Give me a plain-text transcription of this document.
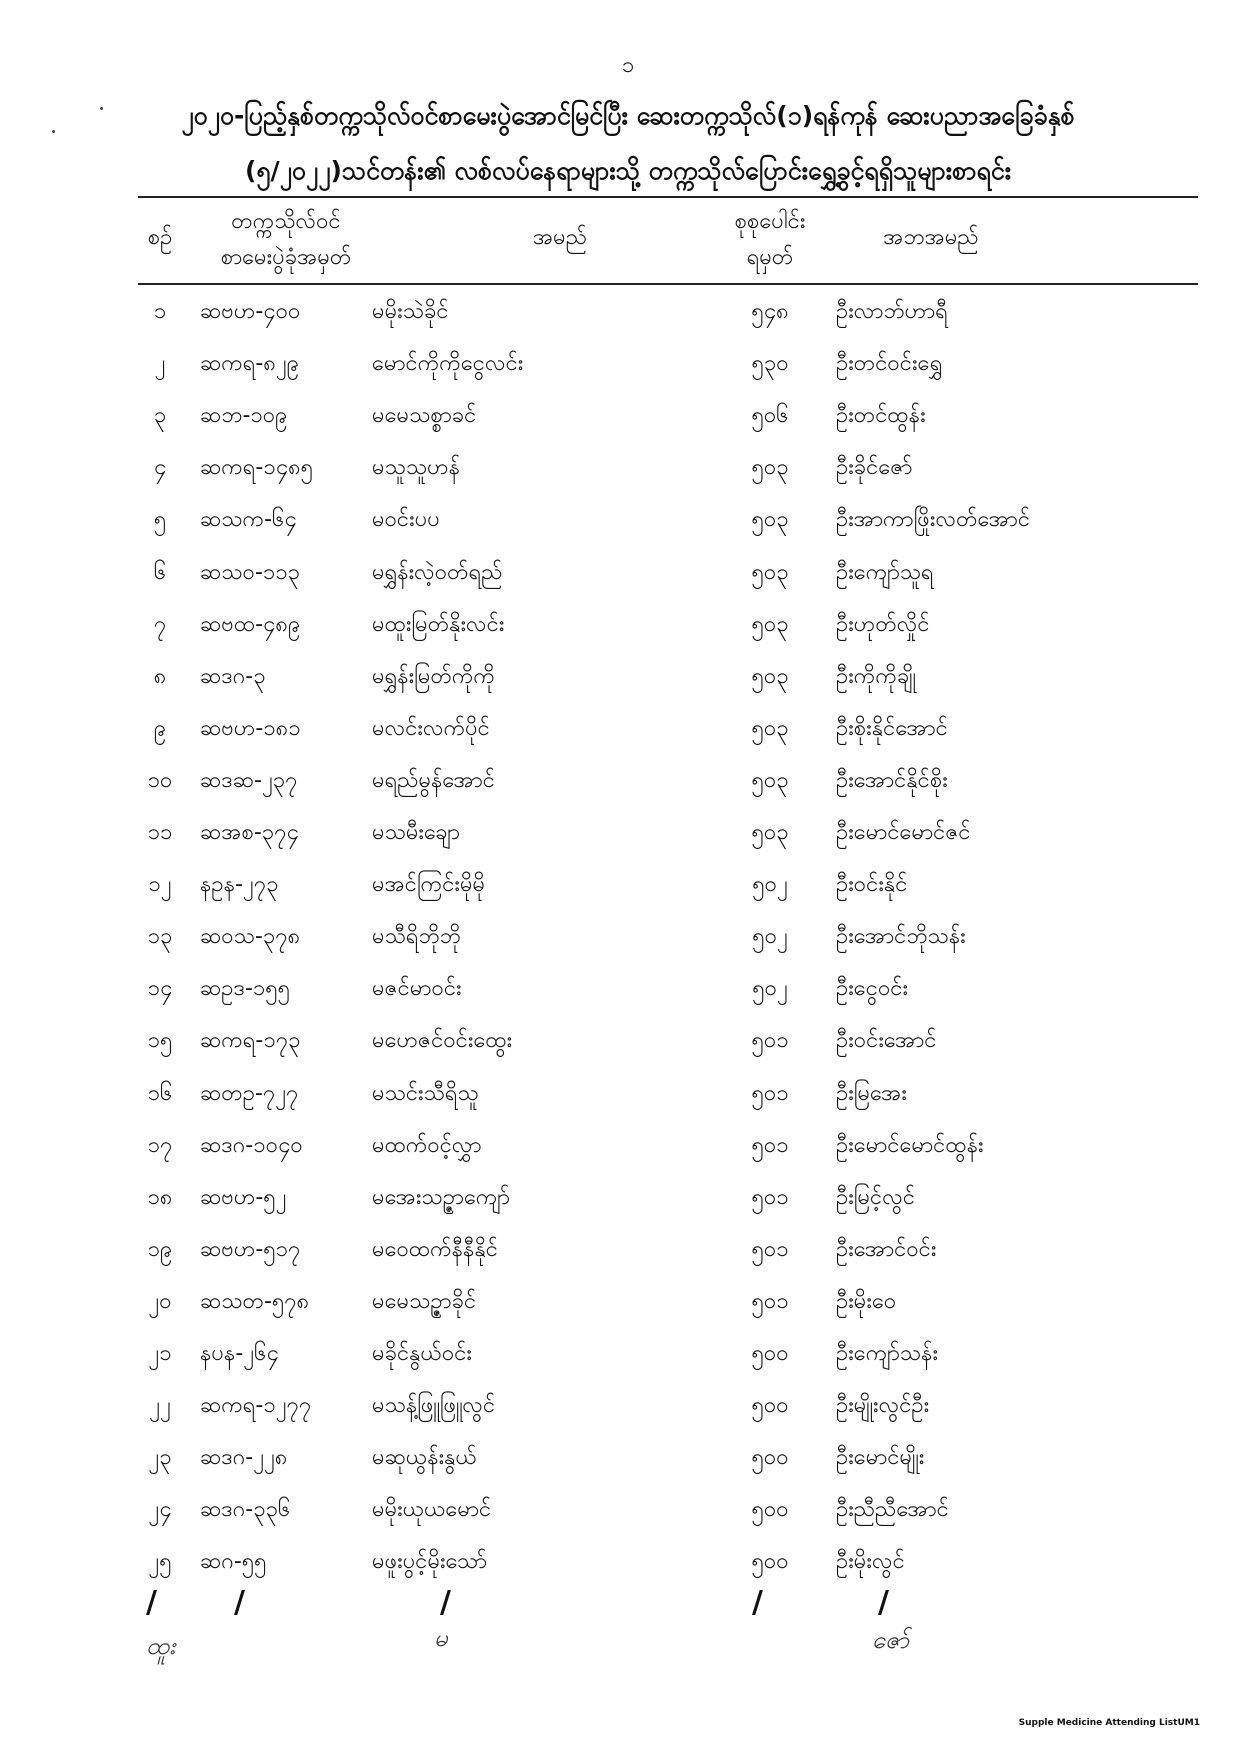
၁
၂၀၂၀-ပြည့်နှစ်တက္ကသိုလ်ဝင်စာမေးပွဲအောင်မြင်ပြီး ဆေးတက္ကသိုလ်(၁)ရန်ကုန် ဆေးပညာအခြေခံနှစ်
(၅/၂၀၂၂)သင်တန်း၏ လစ်လပ်နေရာများသို့ တက္ကသိုလ်ပြောင်းရွှေ့ခွင့်ရရှိသူများစာရင်း
စဉ်
တက္ကသိုလ်ဝင်
စာမေးပွဲခုံအမှတ်
အမည်
စုစုပေါင်း
ရမှတ်
အဘအမည်
၁	ဆဗဟ-၄၀၀	မမိုးသဲခိုင်	၅၄၈	ဦးလာဘ်ဟာရီ
၂	ဆကရ-၈၂၉	မောင်ကိုကိုငွေလင်း	၅၃၀	ဦးတင်ဝင်းရွှေ
၃	ဆဘ-၁၀၉	မမေသစ္စာခင်	၅၀၆	ဦးတင်ထွန်း
၄	ဆကရ-၁၄၈၅	မသူသူဟန်	၅၀၃	ဦးခိုင်ဇော်
၅	ဆသက-၆၄	မဝင်းပပ	၅၀၃	ဦးအာကာဖြိုးလတ်အောင်
၆	ဆသဝ-၁၁၃	မရွှန်းလဲ့ဝတ်ရည်	၅၀၃	ဦးကျော်သူရ
၇	ဆဗထ-၄၈၉	မထူးမြတ်နိုးလင်း	၅၀၃	ဦးဟုတ်လှိုင်
၈	ဆဒဂ-၃	မရွှန်းမြတ်ကိုကို	၅၀၃	ဦးကိုကိုချို
၉	ဆဗဟ-၁၈၁	မလင်းလက်ပိုင်	၅၀၃	ဦးစိုးနိုင်အောင်
၁၀	ဆဒဆ-၂၃၇	မရည်မွန်အောင်	၅၀၃	ဦးအောင်နိုင်စိုး
၁၁	ဆအစ-၃၇၄	မသမီးချော	၅၀၃	ဦးမောင်မောင်ဇင်
၁၂	နဥန-၂၇၃	မအင်ကြင်းမိုမို	၅၀၂	ဦးဝင်းနိုင်
၁၃	ဆဝသ-၃၇၈	မသီရိဘိုဘို	၅၀၂	ဦးအောင်ဘိုသန်း
၁၄	ဆဥဒ-၁၅၅	မဇင်မာဝင်း	၅၀၂	ဦးငွေဝင်း
၁၅	ဆကရ-၁၇၃	မဟေဇင်ဝင်းထွေး	၅၀၁	ဦးဝင်းအောင်
၁၆	ဆတဥ-၇၂၇	မသင်းသီရိသူ	၅၀၁	ဦးမြအေး
၁၇	ဆဒဂ-၁၀၄၀	မထက်ဝင့်လွှာ	၅၀၁	ဦးမောင်မောင်ထွန်း
၁၈	ဆဗဟ-၅၂	မအေးသဥ္ဇာကျော်	၅၀၁	ဦးမြင့်လွင်
၁၉	ဆဗဟ-၅၁၇	မဝေထက်နီနီနိုင်	၅၀၁	ဦးအောင်ဝင်း
၂၀	ဆသတ-၅၇၈	မမေသဥ္ဇာခိုင်	၅၀၁	ဦးမိုးဝေ
၂၁	နပန-၂၆၄	မခိုင်နွယ်ဝင်း	၅၀၀	ဦးကျော်သန်း
၂၂	ဆကရ-၁၂၇၇	မသန့်ဖြူဖြူလွင်	၅၀၀	ဦးမျိုးလွင်ဦး
၂၃	ဆဒဂ-၂၂၈	မဆုယွန်းနွယ်	၅၀၀	ဦးမောင်မျိုး
၂၄	ဆဒဂ-၃၃၆	မမိုးယုယမောင်	၅၀၀	ဦးညီညီအောင်
၂၅	ဆဂ-၅၅	မဖူးပွင့်မိုးသော်	၅၀၀	ဦးမိုးလွင်
/	/	/	/	/
ထူး	မ	ဇော်
Supple Medicine Attending ListUM1
